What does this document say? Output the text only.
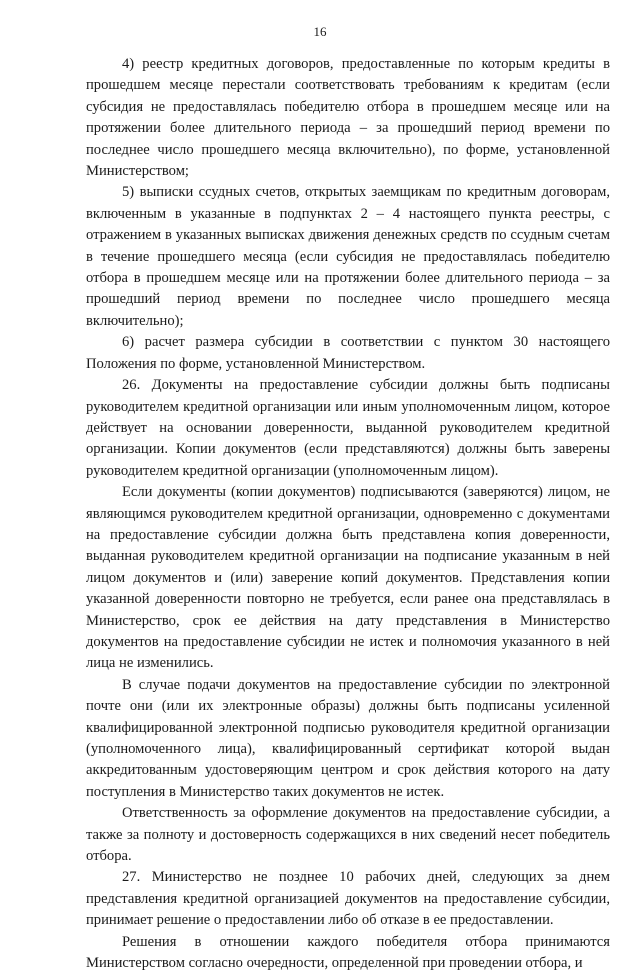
16

4) реестр кредитных договоров, предоставленные по которым кредиты в прошедшем месяце перестали соответствовать требованиям к кредитам (если субсидия не предоставлялась победителю отбора в прошедшем месяце или на протяжении более длительного периода – за прошедший период времени по последнее число прошедшего месяца включительно), по форме, установленной Министерством;

5) выписки ссудных счетов, открытых заемщикам по кредитным договорам, включенным в указанные в подпунктах 2 – 4 настоящего пункта реестры, с отражением в указанных выписках движения денежных средств по ссудным счетам в течение прошедшего месяца (если субсидия не предоставлялась победителю отбора в прошедшем месяце или на протяжении более длительного периода – за прошедший период времени по последнее число прошедшего месяца включительно);

6) расчет размера субсидии в соответствии с пунктом 30 настоящего Положения по форме, установленной Министерством.

26. Документы на предоставление субсидии должны быть подписаны руководителем кредитной организации или иным уполномоченным лицом, которое действует на основании доверенности, выданной руководителем кредитной организации. Копии документов (если представляются) должны быть заверены руководителем кредитной организации (уполномоченным лицом).

Если документы (копии документов) подписываются (заверяются) лицом, не являющимся руководителем кредитной организации, одновременно с документами на предоставление субсидии должна быть представлена копия доверенности, выданная руководителем кредитной организации на подписание указанным в ней лицом документов и (или) заверение копий документов. Представления копии указанной доверенности повторно не требуется, если ранее она представлялась в Министерство, срок ее действия на дату представления в Министерство документов на предоставление субсидии не истек и полномочия указанного в ней лица не изменились.

В случае подачи документов на предоставление субсидии по электронной почте они (или их электронные образы) должны быть подписаны усиленной квалифицированной электронной подписью руководителя кредитной организации (уполномоченного лица), квалифицированный сертификат которой выдан аккредитованным удостоверяющим центром и срок действия которого на дату поступления в Министерство таких документов не истек.

Ответственность за оформление документов на предоставление субсидии, а также за полноту и достоверность содержащихся в них сведений несет победитель отбора.

27. Министерство не позднее 10 рабочих дней, следующих за днем представления кредитной организацией документов на предоставление субсидии, принимает решение о предоставлении либо об отказе в ее предоставлении.

Решения в отношении каждого победителя отбора принимаются Министерством согласно очередности, определенной при проведении отбора, и
